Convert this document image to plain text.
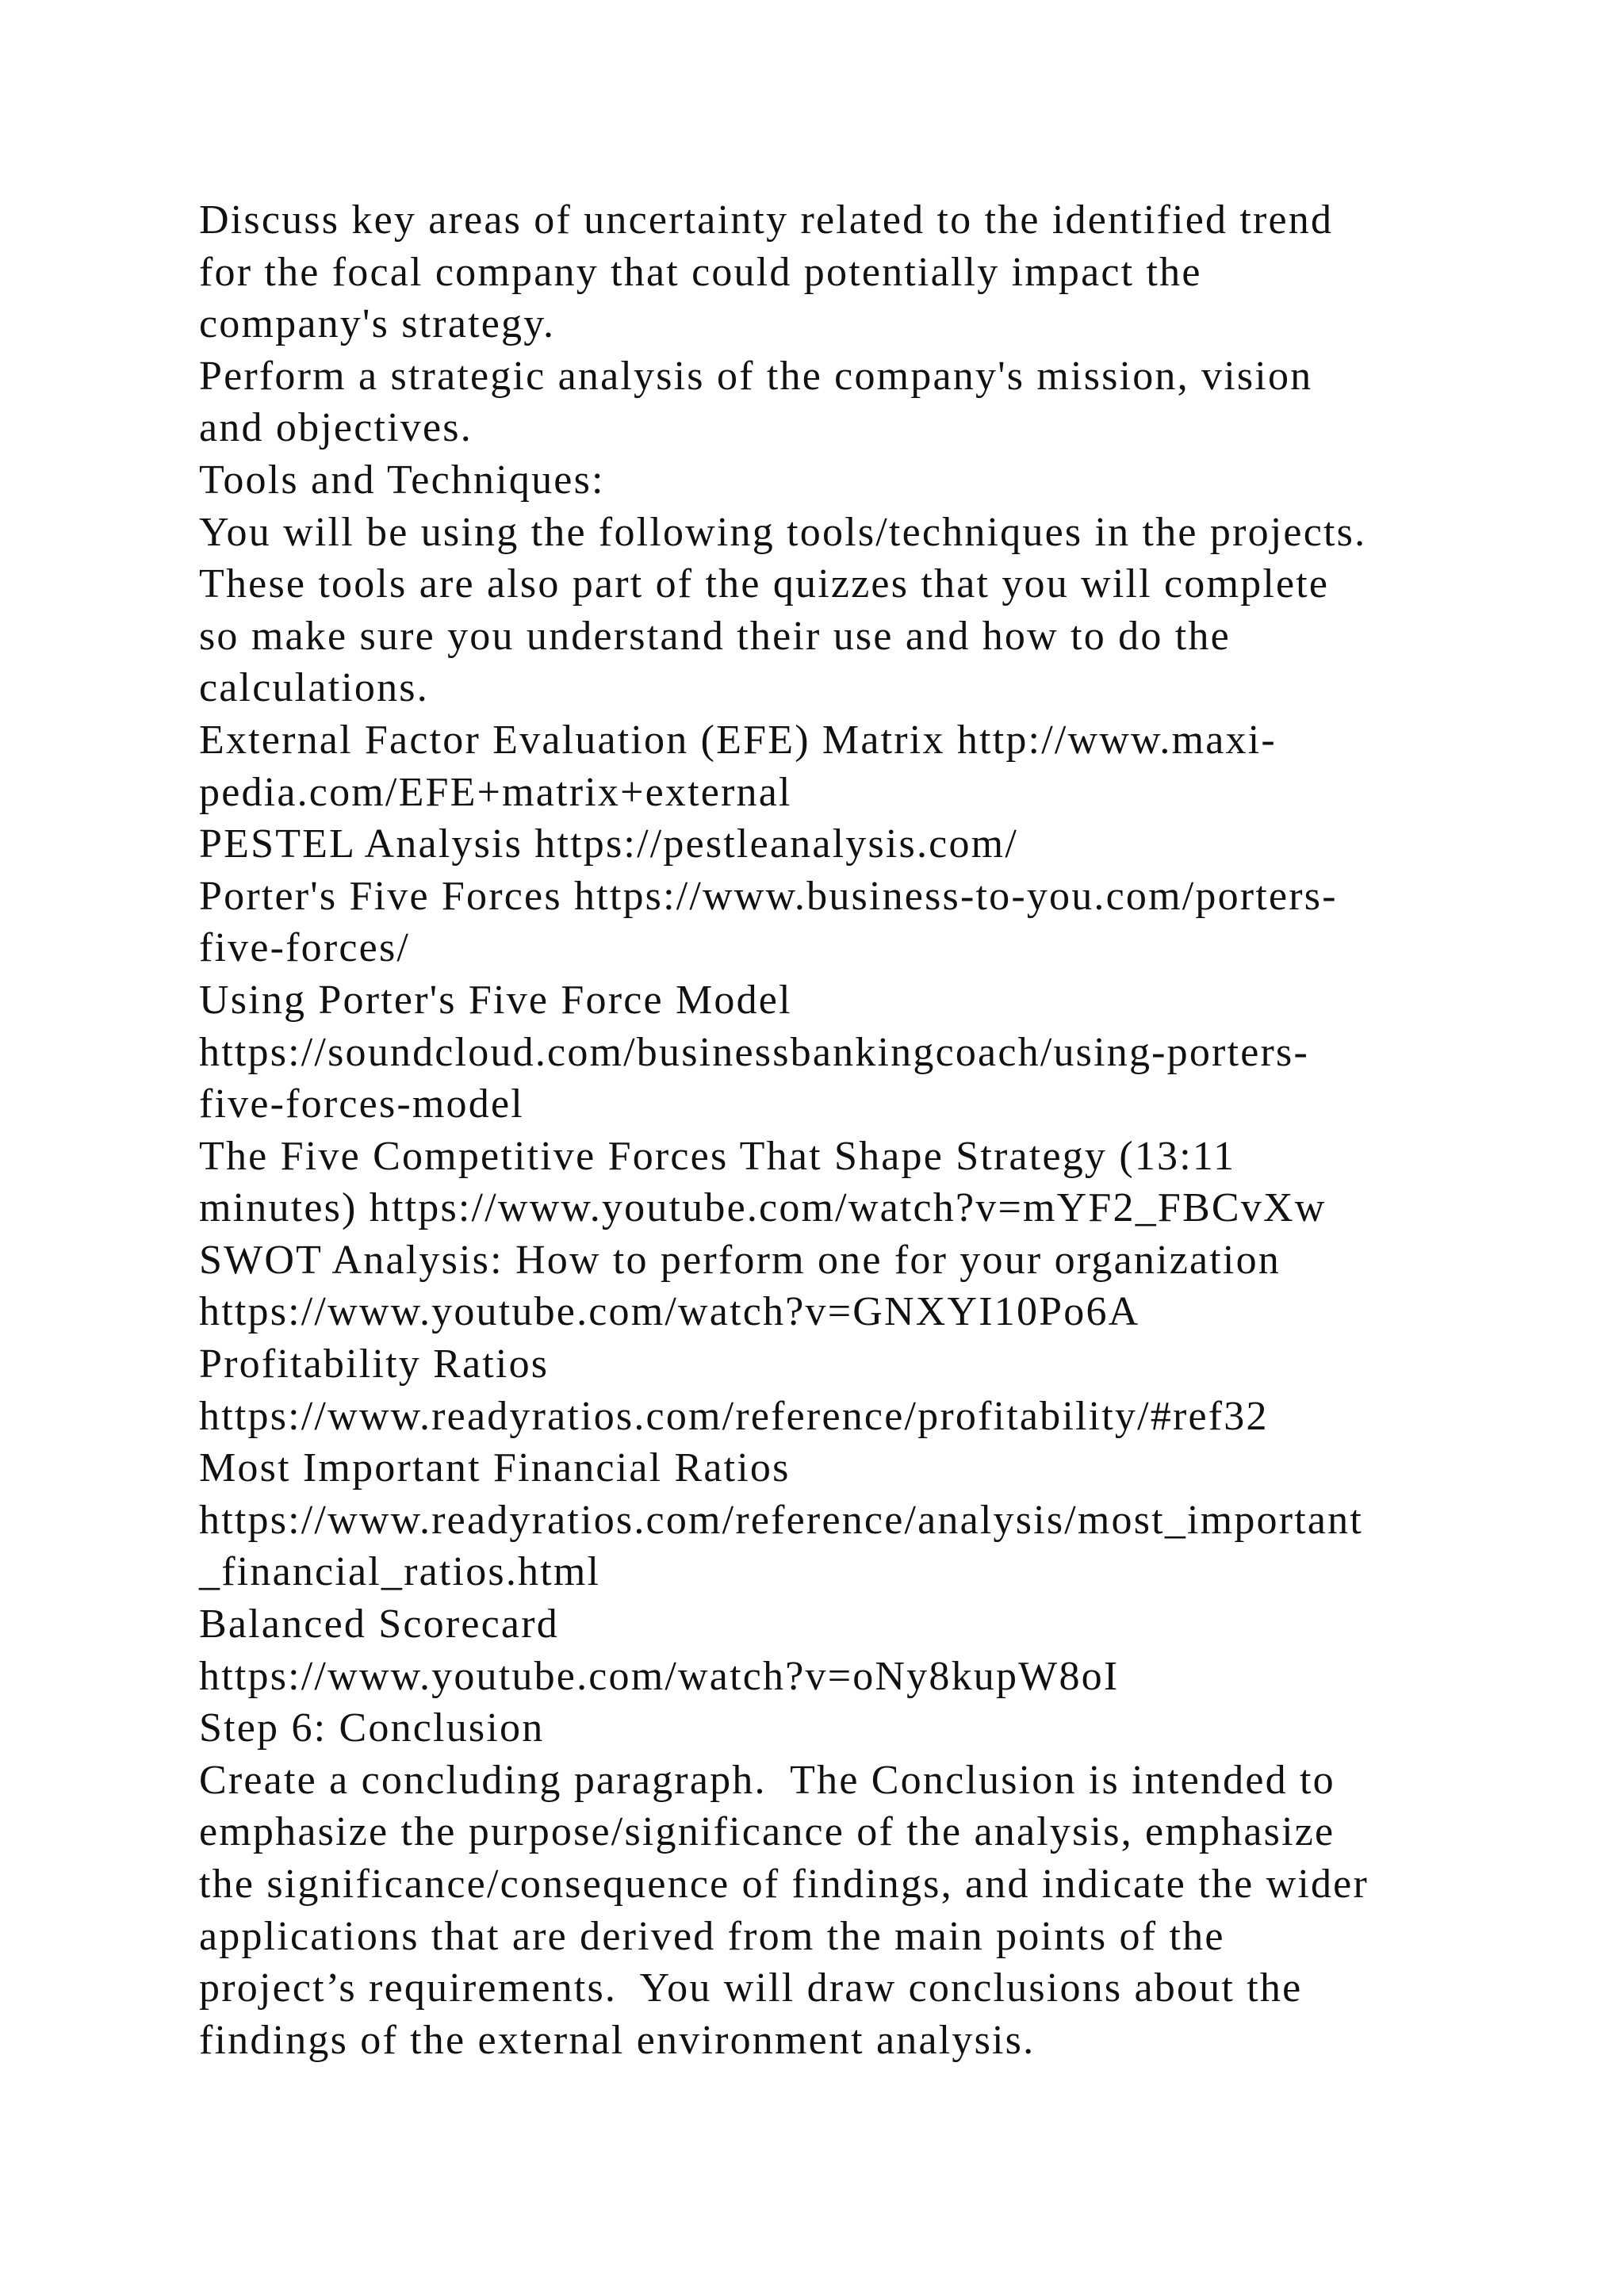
Discuss key areas of uncertainty related to the identified trend
for the focal company that could potentially impact the
company's strategy.
Perform a strategic analysis of the company's mission, vision
and objectives.
Tools and Techniques:
You will be using the following tools/techniques in the projects.
These tools are also part of the quizzes that you will complete
so make sure you understand their use and how to do the
calculations.
External Factor Evaluation (EFE) Matrix http://www.maxi-
pedia.com/EFE+matrix+external
PESTEL Analysis https://pestleanalysis.com/
Porter's Five Forces https://www.business-to-you.com/porters-
five-forces/
Using Porter's Five Force Model
https://soundcloud.com/businessbankingcoach/using-porters-
five-forces-model
The Five Competitive Forces That Shape Strategy (13:11
minutes) https://www.youtube.com/watch?v=mYF2_FBCvXw
SWOT Analysis: How to perform one for your organization
https://www.youtube.com/watch?v=GNXYI10Po6A
Profitability Ratios
https://www.readyratios.com/reference/profitability/#ref32
Most Important Financial Ratios
https://www.readyratios.com/reference/analysis/most_important
_financial_ratios.html
Balanced Scorecard
https://www.youtube.com/watch?v=oNy8kupW8oI
Step 6: Conclusion
Create a concluding paragraph.  The Conclusion is intended to
emphasize the purpose/significance of the analysis, emphasize
the significance/consequence of findings, and indicate the wider
applications that are derived from the main points of the
project’s requirements.  You will draw conclusions about the
findings of the external environment analysis.
